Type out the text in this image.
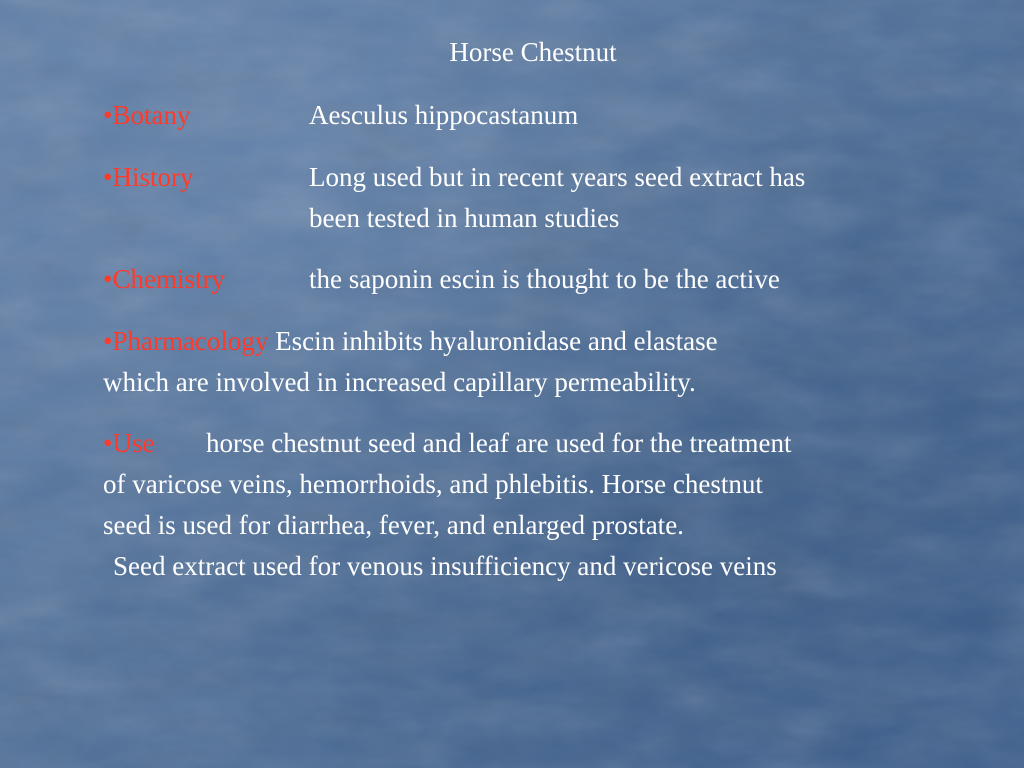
Horse Chestnut
•Botany	Aesculus hippocastanum
•History	Long used but in recent years seed extract has
been tested in human studies
•Chemistry	the saponin escin is thought to be the active
•Pharmacology Escin inhibits hyaluronidase and elastase
which are involved in increased capillary permeability.
•Use horse chestnut seed and leaf are used for the treatment
of varicose veins, hemorrhoids, and phlebitis. Horse chestnut
seed is used for diarrhea, fever, and enlarged prostate.
Seed extract used for venous insufficiency and vericose veins
